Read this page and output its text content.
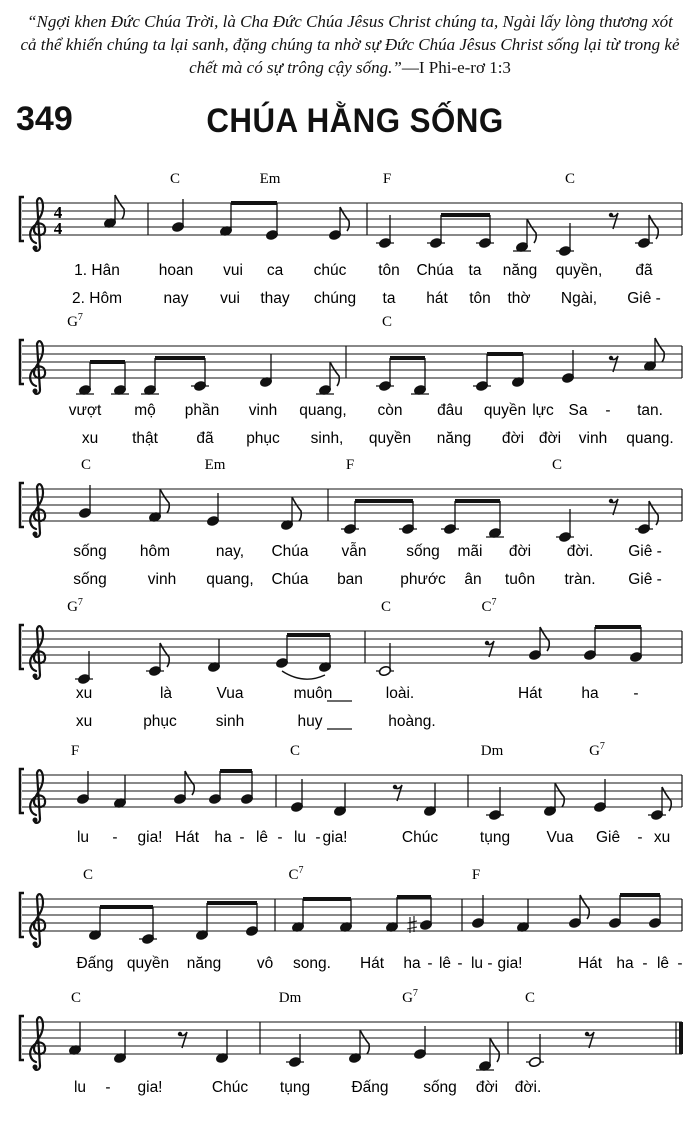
“Ngợi khen Đức Chúa Trời, là Cha Đức Chúa Jêsus Christ chúng ta, Ngài lấy lòng thương xót cả thể khiến chúng ta lại sanh, đặng chúng ta nhờ sự Đức Chúa Jêsus Christ sống lại từ trong kẻ chết mà có sự trông cậy sống.”—I Phi-e-rơ 1:3
349	CHÚA HẰNG SỐNG
4
4
C	Em	F	C
1. Hân	hoan vui ca chúc tôn Chúa ta năng quyền, đã
2. Hôm	nay vui thay chúng ta hát tôn thờ Ngài, Giê -
$G^7$	C
vượt mộ phần vinh quang, còn đâu quyền lực Sa - tan.
xu thật đã phục sinh, quyền năng đời đời vinh quang.
C	Em	F	C
sống hôm	nay, Chúa vẫn	sống mãi đời đời. Giê -
sống	vinh quang, Chúa ban phước ân tuôn tràn. Giê -
$G^7$	C	$C^7$
xu	là	Vua	muôn	loài.	Hát	ha -
xu	phục	sinh	huy	hoàng.
F	C	Dm	$G^7$
lu - gia! Hát ha - lê - lu - gia!	Chúc	tụng Vua Giê - xu
C	$C^7$	F
Đấng quyền năng vô song. Hát ha - lê - lu - gia!	Hát ha - lê -
C	Dm	$G^7$	C
lu - gia!	Chúc tụng	Đấng sống đời đời.
